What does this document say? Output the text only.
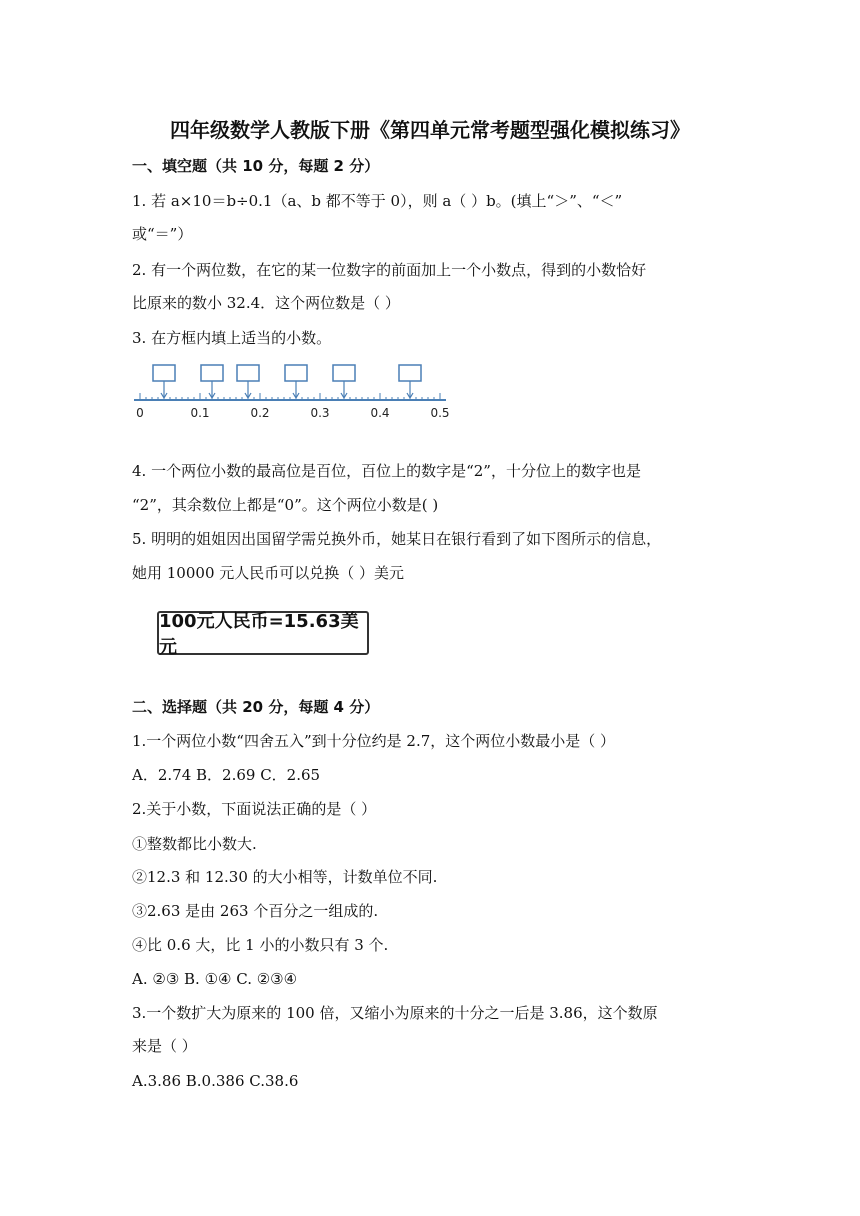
四年级数学人教版下册《第四单元常考题型强化模拟练习》
一、填空题（共 10 分，每题 2 分）
1. 若 a×10＝b÷0.1（a、b 都不等于 0），则 a（ ）b。(填上“＞”、“＜”
或“＝”）
2. 有一个两位数，在它的某一位数字的前面加上一个小数点，得到的小数恰好
比原来的数小 32.4．这个两位数是（ ）
3. 在方框内填上适当的小数。
0	0.1	0.2	0.3	0.4	0.5
4. 一个两位小数的最高位是百位，百位上的数字是“2”，十分位上的数字也是
“2”，其余数位上都是“0”。这个两位小数是( )
5. 明明的姐姐因出国留学需兑换外币，她某日在银行看到了如下图所示的信息，
她用 10000 元人民币可以兑换（ ）美元
100元人民币=15.63美元
二、选择题（共 20 分，每题 4 分）
1.一个两位小数“四舍五入”到十分位约是 2.7，这个两位小数最小是（ ）
A．2.74 B．2.69 C．2.65
2.关于小数，下面说法正确的是（ ）
①整数都比小数大.
②12.3 和 12.30 的大小相等，计数单位不同.
③2.63 是由 263 个百分之一组成的.
④比 0.6 大，比 1 小的小数只有 3 个.
A. ②③ B. ①④ C. ②③④
3.一个数扩大为原来的 100 倍，又缩小为原来的十分之一后是 3.86，这个数原
来是（ ）
A.3.86 B.0.386 C.38.6
